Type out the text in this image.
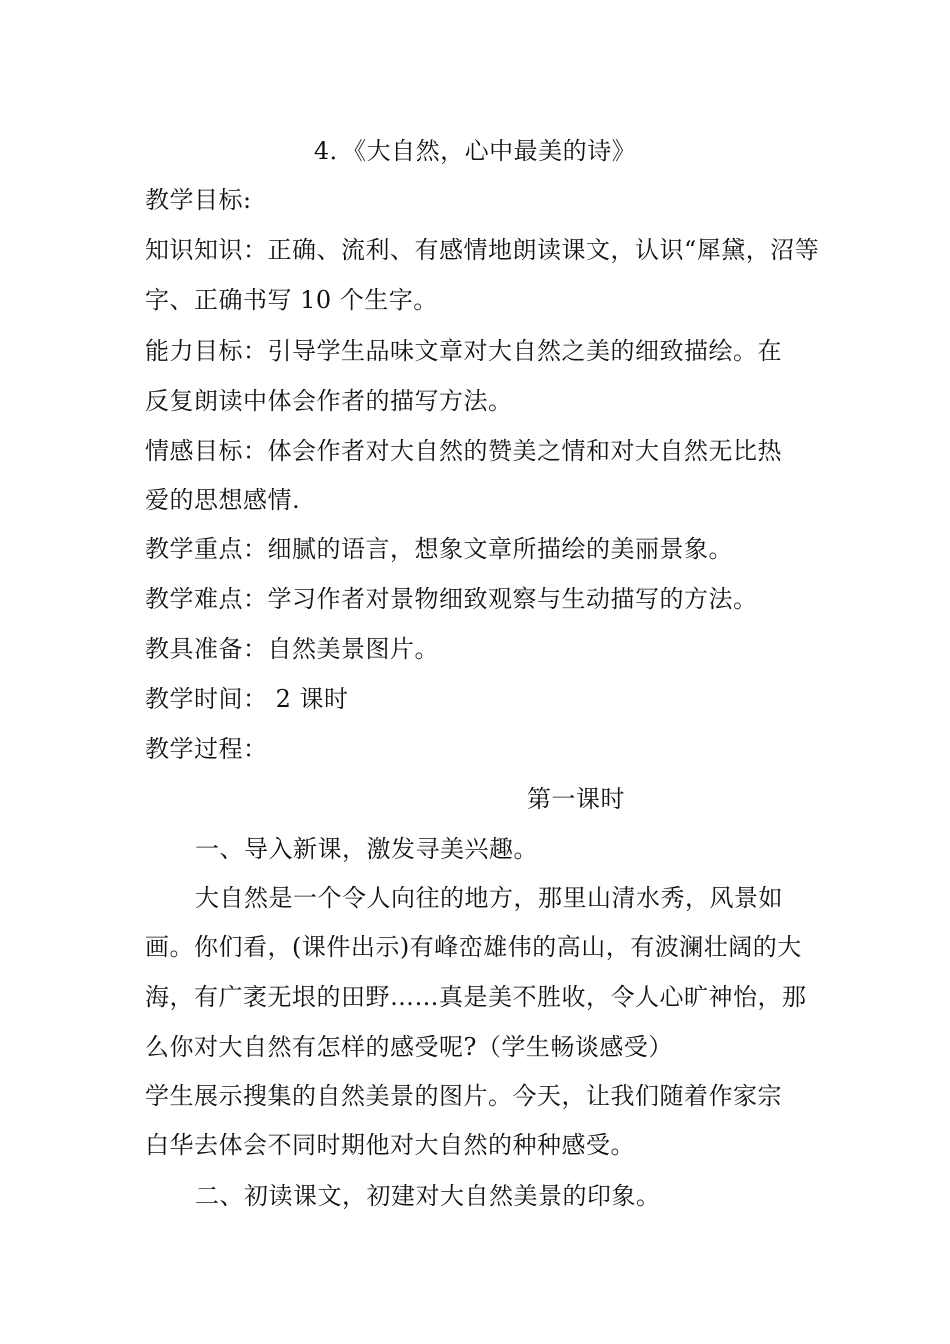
4．《大自然，心中最美的诗》
教学目标:
知识知识：正确、流利、有感情地朗读课文，认识“犀黛，沼等
字、正确书写 10 个生字。
能力目标：引导学生品味文章对大自然之美的细致描绘。在
反复朗读中体会作者的描写方法。
情感目标：体会作者对大自然的赞美之情和对大自然无比热
爱的思想感情.
教学重点：细腻的语言，想象文章所描绘的美丽景象。
教学难点：学习作者对景物细致观察与生动描写的方法。
教具准备：自然美景图片。
教学时间： 2 课时
教学过程：
第一课时
一、导入新课，激发寻美兴趣。
大自然是一个令人向往的地方，那里山清水秀，风景如
画。你们看，(课件出示)有峰峦雄伟的高山，有波澜壮阔的大
海，有广袤无垠的田野……真是美不胜收，令人心旷神怡，那
么你对大自然有怎样的感受呢?（学生畅谈感受）
学生展示搜集的自然美景的图片。今天，让我们随着作家宗
白华去体会不同时期他对大自然的种种感受。
二、初读课文，初建对大自然美景的印象。
